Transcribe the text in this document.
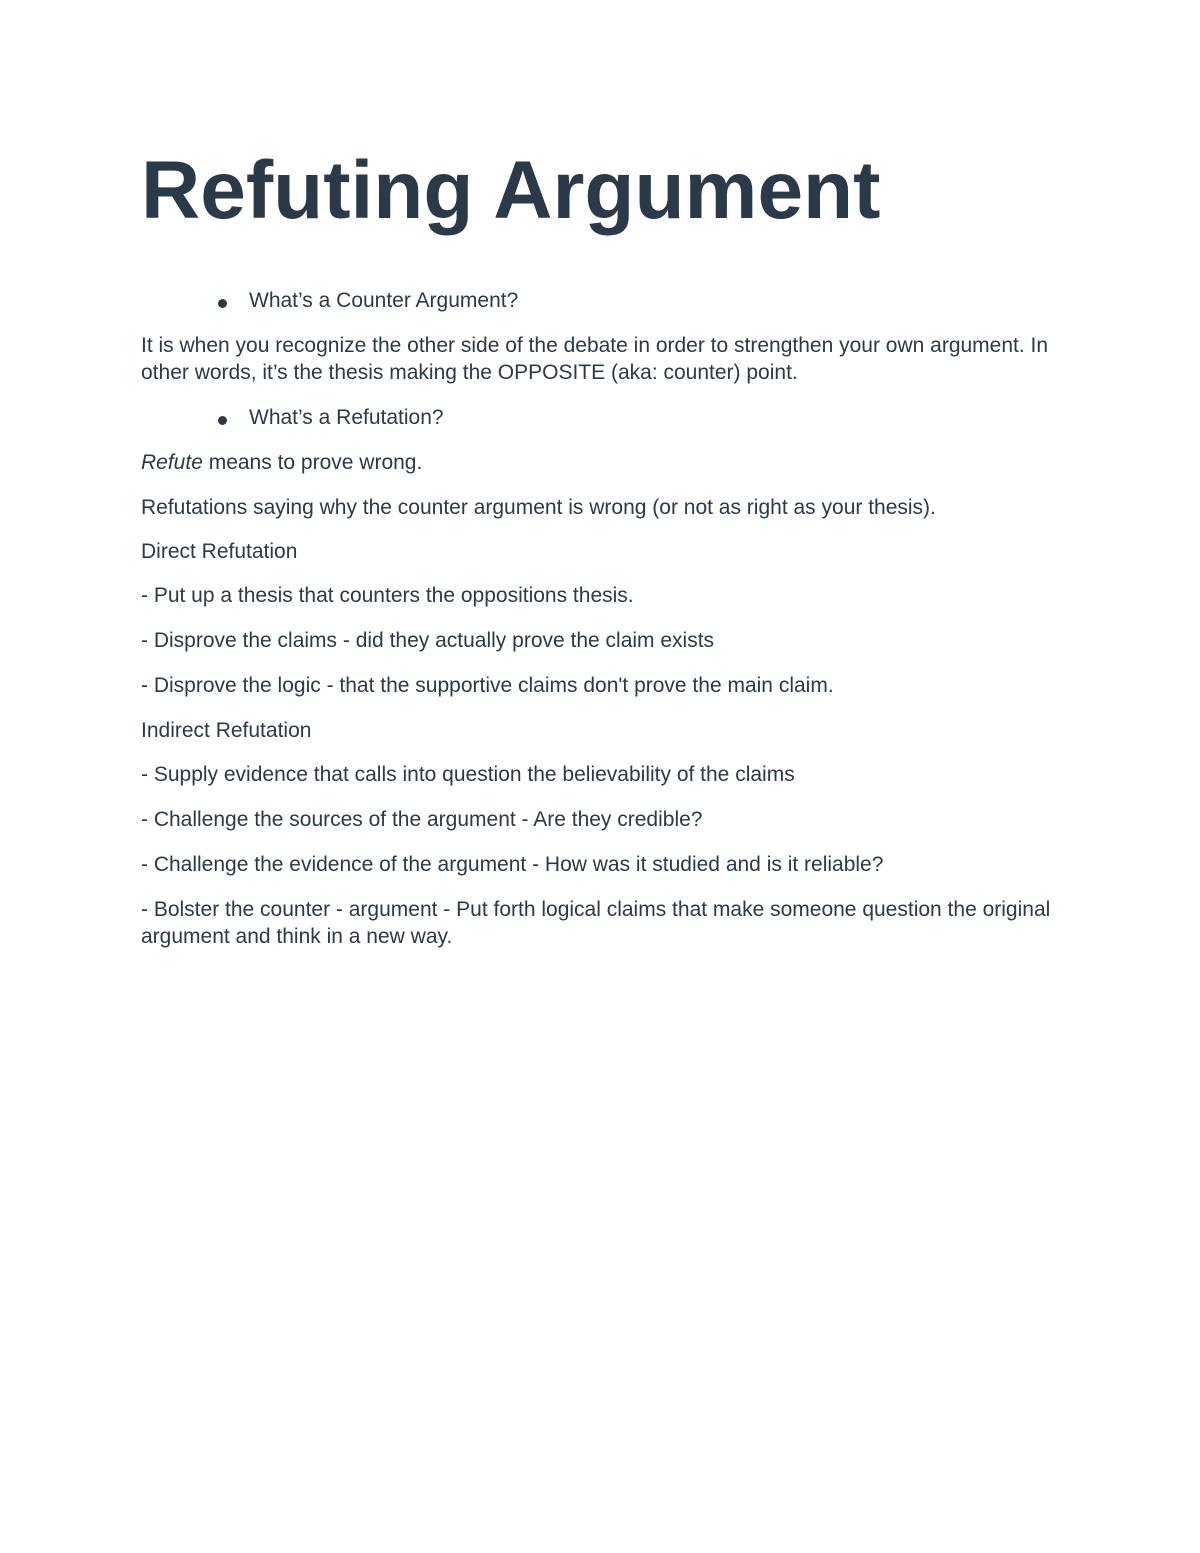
Refuting Argument
What’s a Counter Argument?

It is when you recognize the other side of the debate in order to strengthen your own argument. In other words, it’s the thesis making the OPPOSITE (aka: counter) point.

What’s a Refutation?

Refute means to prove wrong.

Refutations saying why the counter argument is wrong (or not as right as your thesis).

Direct Refutation

- Put up a thesis that counters the oppositions thesis.

- Disprove the claims - did they actually prove the claim exists

- Disprove the logic - that the supportive claims don't prove the main claim.

Indirect Refutation

- Supply evidence that calls into question the believability of the claims

- Challenge the sources of the argument - Are they credible?

- Challenge the evidence of the argument - How was it studied and is it reliable?

- Bolster the counter - argument - Put forth logical claims that make someone question the original argument and think in a new way.
